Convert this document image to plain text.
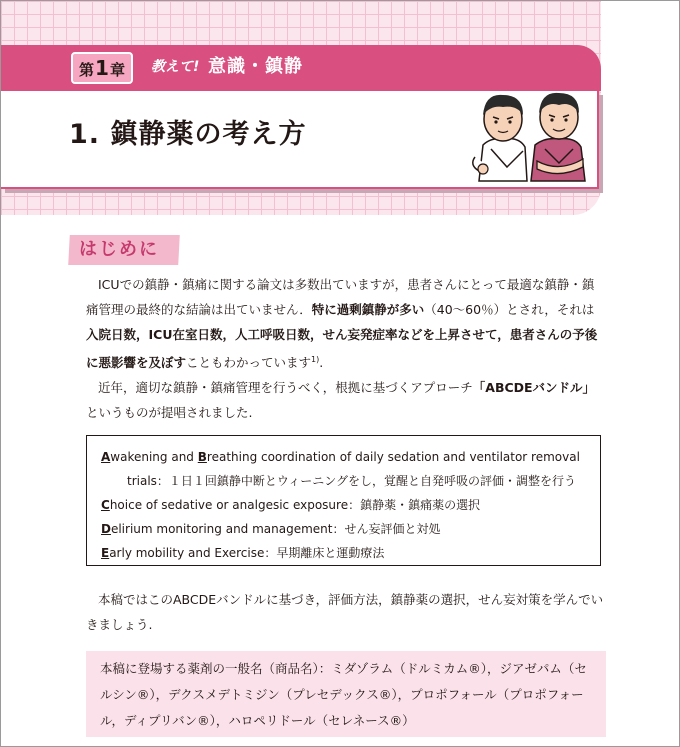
第 1 章 教えて! 意識・鎮静
1. 鎮静薬の考え方
はじめに

ICUでの鎮静・鎮痛に関する論文は多数出ていますが，患者さんにとって最適な鎮静・鎮痛管理の最終的な結論は出ていません．特に過剰鎮静が多い（40～60％）とされ，それは入院日数，ICU在室日数，人工呼吸日数，せん妄発症率などを上昇させて，患者さんの予後に悪影響を及ぼすこともわかっています$^{1)}$.

近年，適切な鎮静・鎮痛管理を行うべく，根拠に基づくアプローチ「ABCDEバンドル」というものが提唱されました.

Awakening and Breathing coordination of daily sedation and ventilator removal
trials：１日１回鎮静中断とウィーニングをし，覚醒と自発呼吸の評価・調整を行う
Choice of sedative or analgesic exposure：鎮静薬・鎮痛薬の選択
Delirium monitoring and management：せん妄評価と対処
Early mobility and Exercise：早期離床と運動療法

本稿ではこのABCDEバンドルに基づき，評価方法，鎮静薬の選択，せん妄対策を学んでいきましょう.

本稿に登場する薬剤の一般名（商品名）：ミダゾラム（ドルミカム®），ジアゼパム（セルシン®），デクスメデトミジン（プレセデックス®），プロポフォール（プロポフォール，ディプリバン®），ハロペリドール（セレネース®）
